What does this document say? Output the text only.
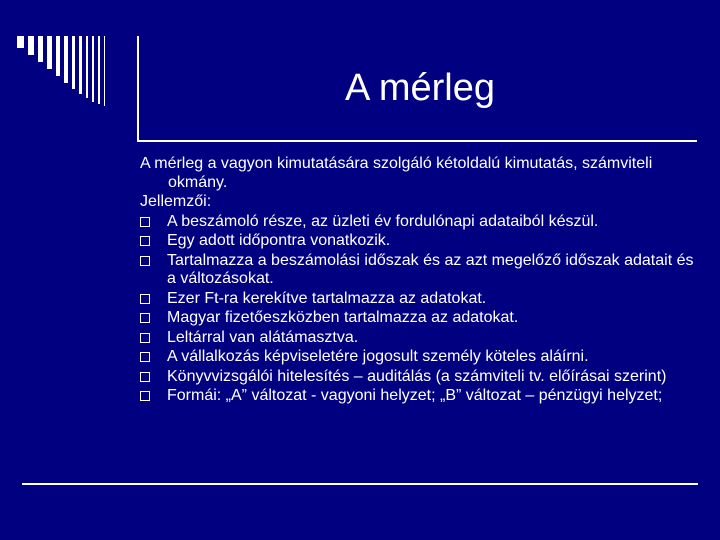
A mérleg

A mérleg a vagyon kimutatására szolgáló kétoldalú kimutatás, számviteli okmány.

Jellemzői:

A beszámoló része, az üzleti év fordulónapi adataiból készül.
Egy adott időpontra vonatkozik.
Tartalmazza a beszámolási időszak és az azt megelőző időszak adatait és a változásokat.
Ezer Ft-ra kerekítve tartalmazza az adatokat.
Magyar fizetőeszközben tartalmazza az adatokat.
Leltárral van alátámasztva.
A vállalkozás képviseletére jogosult személy köteles aláírni.
Könyvvizsgálói hitelesítés – auditálás (a számviteli tv. előírásai szerint)
Formái: „A” változat - vagyoni helyzet; „B” változat – pénzügyi helyzet;
